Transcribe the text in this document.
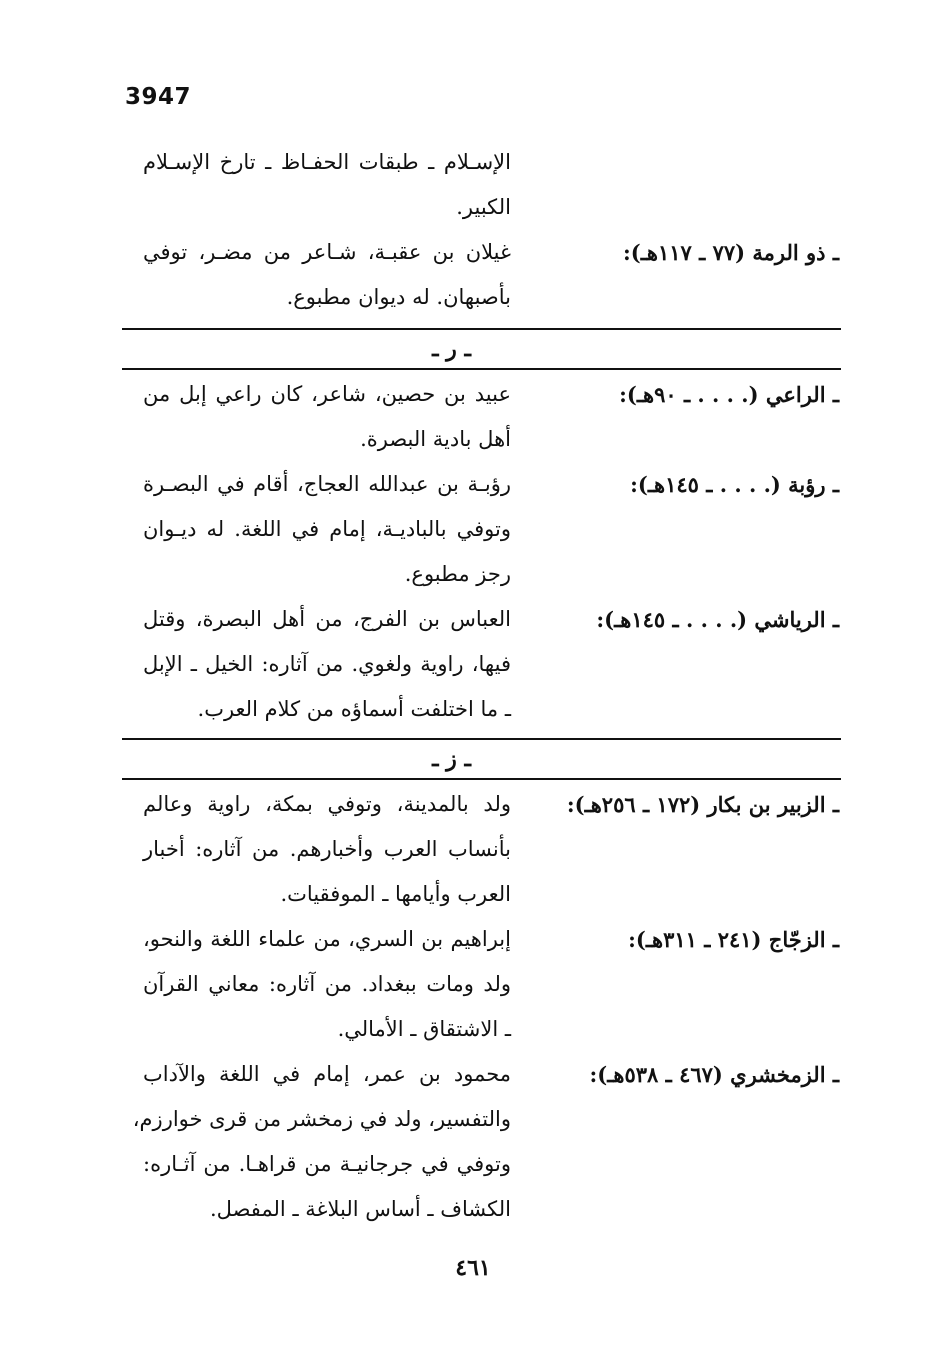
3947
الإسـلام ـ طبقات الحفـاظ ـ تارخ الإسـلام
الكبير.
ـ ذو الرمة (٧٧ ـ ١١٧هـ):
غيلان بن عقبـة، شـاعر من مضـر، توفي
بأصبهان. له ديوان مطبوع.
ـ ر ـ
ـ الراعي (. . . . ـ ٩٠هـ):
عبيد بن حصين، شاعر، كان راعي إبل من
أهل بادية البصرة.
ـ رؤبة (. . . . ـ ١٤٥هـ):
رؤبـة بن عبدالله العجاج، أقام في البصـرة
وتوفي بالباديـة، إمام في اللغة. له ديـوان
رجز مطبوع.
ـ الرياشي (. . . . ـ ١٤٥هـ):
العباس بن الفرج، من أهل البصرة، وقتل
فيها، راوية ولغوي. من آثاره: الخيل ـ الإبل
ـ ما اختلفت أسماؤه من كلام العرب.
ـ ز ـ
ـ الزبير بن بكار (١٧٢ ـ ٢٥٦هـ):
ولد بالمدينة، وتوفي بمكة، راوية وعالم
بأنساب العرب وأخبارهم. من آثاره: أخبار
العرب وأيامها ـ الموفقيات.
ـ الزجّاج (٢٤١ ـ ٣١١هـ):
إبراهيم بن السري، من علماء اللغة والنحو،
ولد ومات ببغداد. من آثاره: معاني القرآن
ـ الاشتقاق ـ الأمالي.
ـ الزمخشري (٤٦٧ ـ ٥٣٨هـ):
محمود بن عمر، إمام في اللغة والآداب
والتفسير، ولد في زمخشر من قرى خوارزم،
وتوفي في جرجانيـة من قراهـا. من آثـاره:
الكشاف ـ أساس البلاغة ـ المفصل.
٤٦١
